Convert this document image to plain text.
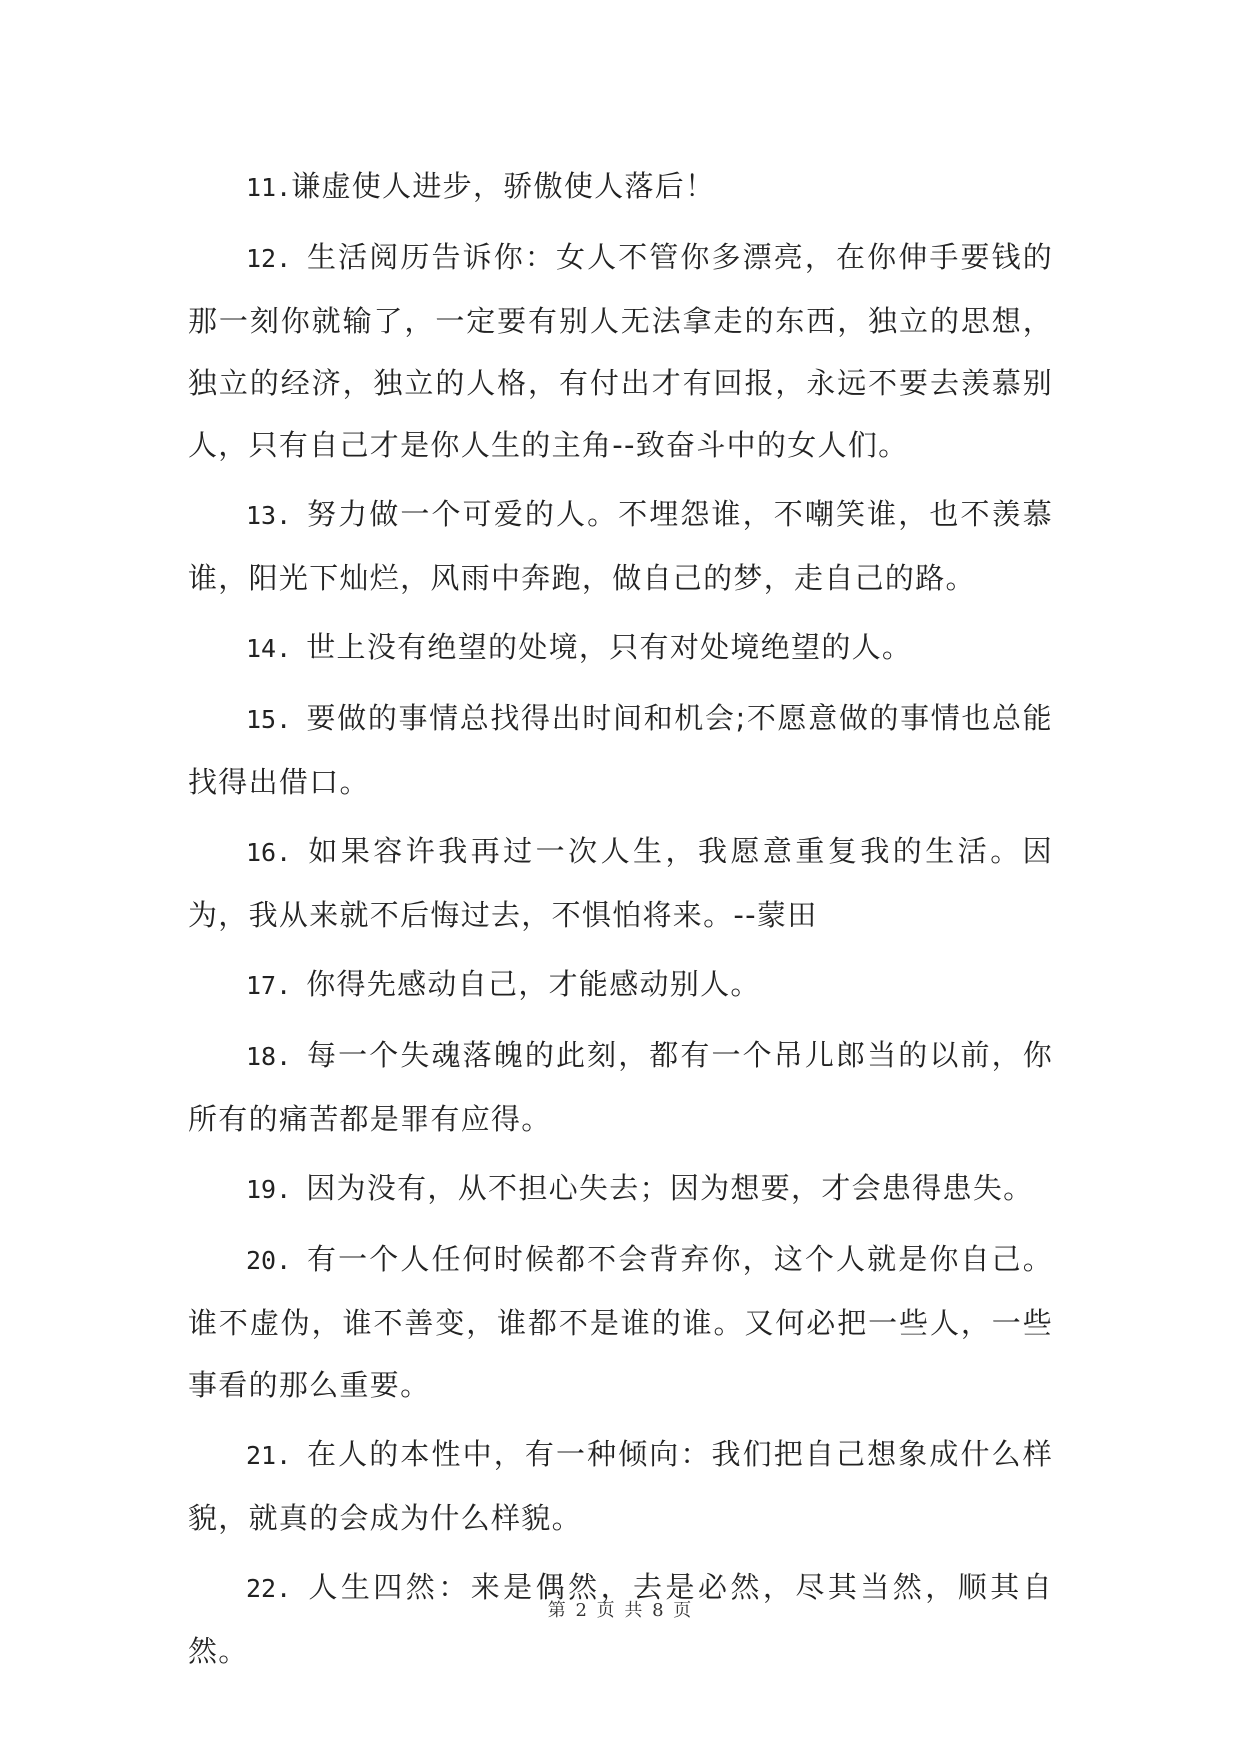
11.谦虚使人进步，骄傲使人落后！

12. 生活阅历告诉你：女人不管你多漂亮，在你伸手要钱的那一刻你就输了，一定要有别人无法拿走的东西，独立的思想，独立的经济，独立的人格，有付出才有回报，永远不要去羡慕别人，只有自己才是你人生的主角--致奋斗中的女人们。

13. 努力做一个可爱的人。不埋怨谁，不嘲笑谁，也不羡慕谁，阳光下灿烂，风雨中奔跑，做自己的梦，走自己的路。

14. 世上没有绝望的处境，只有对处境绝望的人。

15. 要做的事情总找得出时间和机会;不愿意做的事情也总能找得出借口。

16. 如果容许我再过一次人生，我愿意重复我的生活。因为，我从来就不后悔过去，不惧怕将来。--蒙田

17. 你得先感动自己，才能感动别人。

18. 每一个失魂落魄的此刻，都有一个吊儿郎当的以前，你所有的痛苦都是罪有应得。

19. 因为没有，从不担心失去；因为想要，才会患得患失。

20. 有一个人任何时候都不会背弃你，这个人就是你自己。谁不虚伪，谁不善变，谁都不是谁的谁。又何必把一些人，一些事看的那么重要。

21. 在人的本性中，有一种倾向：我们把自己想象成什么样貌，就真的会成为什么样貌。

22. 人生四然：来是偶然，去是必然，尽其当然，顺其自然。

第 2 页 共 8 页
